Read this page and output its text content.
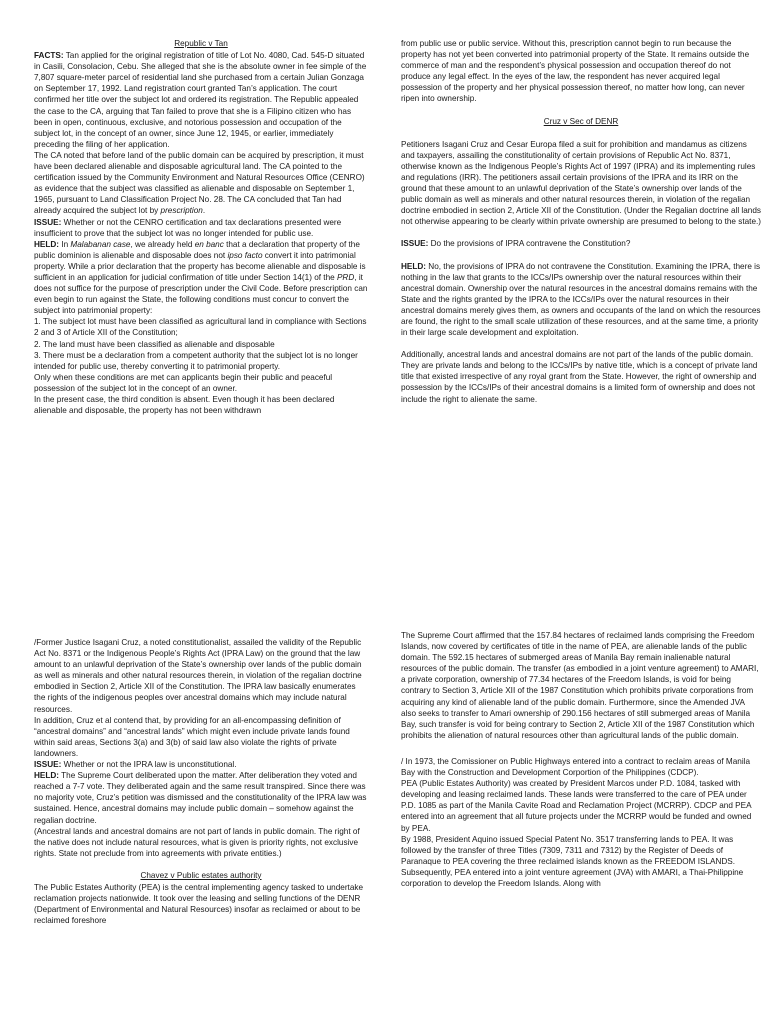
Republic v Tan

FACTS: Tan applied for the original registration of title of Lot No. 4080, Cad. 545-D situated in Casili, Consolacion, Cebu. She alleged that she is the absolute owner in fee simple of the 7,807 square-meter parcel of residential land she purchased from a certain Julian Gonzaga on September 17, 1992. Land registration court granted Tan’s application. The court confirmed her title over the subject lot and ordered its registration. The Republic appealed the case to the CA, arguing that Tan failed to prove that she is a Filipino citizen who has been in open, continuous, exclusive, and notorious possession and occupation of the subject lot, in the concept of an owner, since June 12, 1945, or earlier, immediately preceding the filing of her application.

The CA noted that before land of the public domain can be acquired by prescription, it must have been declared alienable and disposable agricultural land. The CA pointed to the certification issued by the Community Environment and Natural Resources Office (CENRO) as evidence that the subject was classified as alienable and disposable on September 1, 1965, pursuant to Land Classification Project No. 28. The CA concluded that Tan had already acquired the subject lot by prescription.

ISSUE: Whether or not the CENRO certification and tax declarations presented were insufficient to prove that the subject lot was no longer intended for public use.

HELD: In Malabanan case, we already held en banc that a declaration that property of the public dominion is alienable and disposable does not ipso facto convert it into patrimonial property. While a prior declaration that the property has become alienable and disposable is sufficient in an application for judicial confirmation of title under Section 14(1) of the PRD, it does not suffice for the purpose of prescription under the Civil Code. Before prescription can even begin to run against the State, the following conditions must concur to convert the subject into patrimonial property:

1. The subject lot must have been classified as agricultural land in compliance with Sections 2 and 3 of Article XII of the Constitution;

2. The land must have been classified as alienable and disposable

3. There must be a declaration from a competent authority that the subject lot is no longer intended for public use, thereby converting it to patrimonial property.

Only when these conditions are met can applicants begin their public and peaceful possession of the subject lot in the concept of an owner.

In the present case, the third condition is absent. Even though it has been declared alienable and disposable, the property has not been withdrawn

from public use or public service. Without this, prescription cannot begin to run because the property has not yet been converted into patrimonial property of the State. It remains outside the commerce of man and the respondent’s physical possession and occupation thereof do not produce any legal effect. In the eyes of the law, the respondent has never acquired legal possession of the property and her physical possession thereof, no matter how long, can never ripen into ownership.

Cruz v Sec of DENR

Petitioners Isagani Cruz and Cesar Europa filed a suit for prohibition and mandamus as citizens and taxpayers, assailing the constitutionality of certain provisions of Republic Act No. 8371, otherwise known as the Indigenous People’s Rights Act of 1997 (IPRA) and its implementing rules and regulations (IRR). The petitioners assail certain provisions of the IPRA and its IRR on the ground that these amount to an unlawful deprivation of the State’s ownership over lands of the public domain as well as minerals and other natural resources therein, in violation of the regalian doctrine embodied in section 2, Article XII of the Constitution. (Under the Regalian doctrine all lands not otherwise appearing to be clearly within private ownership are presumed to belong to the state.)

ISSUE: Do the provisions of IPRA contravene the Constitution?

HELD: No, the provisions of IPRA do not contravene the Constitution. Examining the IPRA, there is nothing in the law that grants to the ICCs/IPs ownership over the natural resources within their ancestral domain. Ownership over the natural resources in the ancestral domains remains with the State and the rights granted by the IPRA to the ICCs/IPs over the natural resources in their ancestral domains merely gives them, as owners and occupants of the land on which the resources are found, the right to the small scale utilization of these resources, and at the same time, a priority in their large scale development and exploitation.

Additionally, ancestral lands and ancestral domains are not part of the lands of the public domain. They are private lands and belong to the ICCs/IPs by native title, which is a concept of private land title that existed irrespective of any royal grant from the State. However, the right of ownership and possession by the ICCs/IPs of their ancestral domains is a limited form of ownership and does not include the right to alienate the same.

/Former Justice Isagani Cruz, a noted constitutionalist, assailed the validity of the Republic Act No. 8371 or the Indigenous People’s Rights Act (IPRA Law) on the ground that the law amount to an unlawful deprivation of the State’s ownership over lands of the public domain as well as minerals and other natural resources therein, in violation of the regalian doctrine embodied in Section 2, Article XII of the Constitution. The IPRA law basically enumerates the rights of the indigenous peoples over ancestral domains which may include natural resources.

In addition, Cruz et al contend that, by providing for an all-encompassing definition of “ancestral domains” and “ancestral lands” which might even include private lands found within said areas, Sections 3(a) and 3(b) of said law also violate the rights of private landowners.

ISSUE: Whether or not the IPRA law is unconstitutional.

HELD: The Supreme Court deliberated upon the matter. After deliberation they voted and reached a 7-7 vote. They deliberated again and the same result transpired. Since there was no majority vote, Cruz’s petition was dismissed and the constitutionality of the IPRA law was sustained. Hence, ancestral domains may include public domain – somehow against the regalian doctrine.

(Ancestral lands and ancestral domains are not part of lands in public domain. The right of the native does not include natural resources, what is given is priority rights, not exclusive rights. State not preclude from into agreements with private entities.)

Chavez v Public estates authority

The Public Estates Authority (PEA) is the central implementing agency tasked to undertake reclamation projects nationwide. It took over the leasing and selling functions of the DENR (Department of Environmental and Natural Resources) insofar as reclaimed or about to be reclaimed foreshore

The Supreme Court affirmed that the 157.84 hectares of reclaimed lands comprising the Freedom Islands, now covered by certificates of title in the name of PEA, are alienable lands of the public domain. The 592.15 hectares of submerged areas of Manila Bay remain inalienable natural resources of the public domain. The transfer (as embodied in a joint venture agreement) to AMARI, a private corporation, ownership of 77.34 hectares of the Freedom Islands, is void for being contrary to Section 3, Article XII of the 1987 Constitution which prohibits private corporations from acquiring any kind of alienable land of the public domain. Furthermore, since the Amended JVA also seeks to transfer to Amari ownership of 290.156 hectares of still submerged areas of Manila Bay, such transfer is void for being contrary to Section 2, Article XII of the 1987 Constitution which prohibits the alienation of natural resources other than agricultural lands of the public domain.

/ In 1973, the Comissioner on Public Highways entered into a contract to reclaim areas of Manila Bay with the Construction and Development Corportion of the Philippines (CDCP).

PEA (Public Estates Authority) was created by President Marcos under P.D. 1084, tasked with developing and leasing reclaimed lands. These lands were transferred to the care of PEA under P.D. 1085 as part of the Manila Cavite Road and Reclamation Project (MCRRP). CDCP and PEA entered into an agreement that all future projects under the MCRRP would be funded and owned by PEA.

By 1988, President Aquino issued Special Patent No. 3517 transferring lands to PEA. It was followed by the transfer of three Titles (7309, 7311 and 7312) by the Register of Deeds of Paranaque to PEA covering the three reclaimed islands known as the FREEDOM ISLANDS.

Subsequently, PEA entered into a joint venture agreement (JVA) with AMARI, a Thai-Philippine corporation to develop the Freedom Islands. Along with
